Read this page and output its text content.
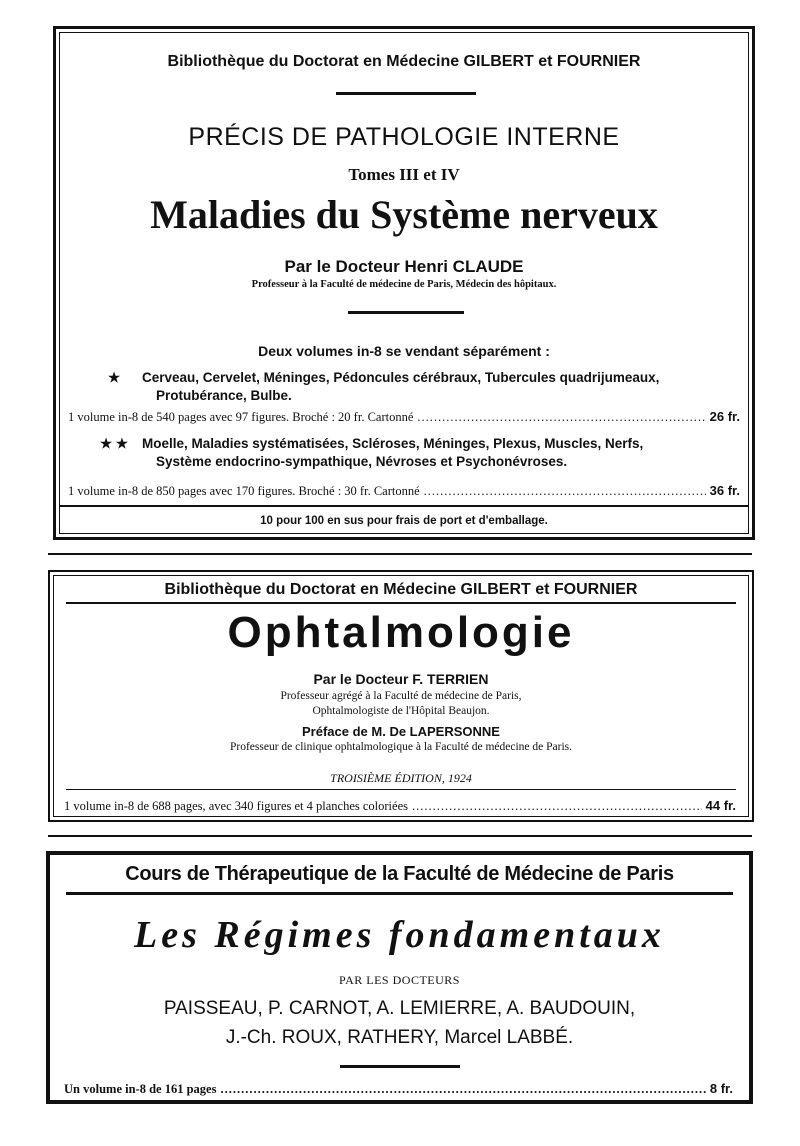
Bibliothèque du Doctorat en Médecine GILBERT et FOURNIER
PRÉCIS DE PATHOLOGIE INTERNE
Tomes III et IV
Maladies du Système nerveux
Par le Docteur Henri CLAUDE
Professeur à la Faculté de médecine de Paris, Médecin des hôpitaux.
Deux volumes in-8 se vendant séparément :
★ Cerveau, Cervelet, Méninges, Pédoncules cérébraux, Tubercules quadrijumeaux,
Protubérance, Bulbe.
1 volume in-8 de 540 pages avec 97 figures. Broché : 20 fr. Cartonné .....	26 fr.
★ ★ Moelle, Maladies systématisées, Scléroses, Méninges, Plexus, Muscles, Nerfs,
Système endocrino-sympathique, Névroses et Psychonévroses.
1 volume in-8 de 850 pages avec 170 figures. Broché : 30 fr. Cartonné .....	36 fr.
10 pour 100 en sus pour frais de port et d'emballage.
Bibliothèque du Doctorat en Médecine GILBERT et FOURNIER
Ophtalmologie
Par le Docteur F. TERRIEN
Professeur agrégé à la Faculté de médecine de Paris,
Ophtalmologiste de l'Hôpital Beaujon.
Préface de M. De LAPERSONNE
Professeur de clinique ophtalmologique à la Faculté de médecine de Paris.
TROISIÈME ÉDITION, 1924
1 volume in-8 de 688 pages, avec 340 figures et 4 planches coloriées .....	44 fr.
Cours de Thérapeutique de la Faculté de Médecine de Paris
Les Régimes fondamentaux
PAR LES DOCTEURS
PAISSEAU, P. CARNOT, A. LEMIERRE, A. BAUDOUIN,
J.-Ch. ROUX, RATHERY, Marcel LABBÉ.
Un volume in-8 de 161 pages .....	8 fr.
